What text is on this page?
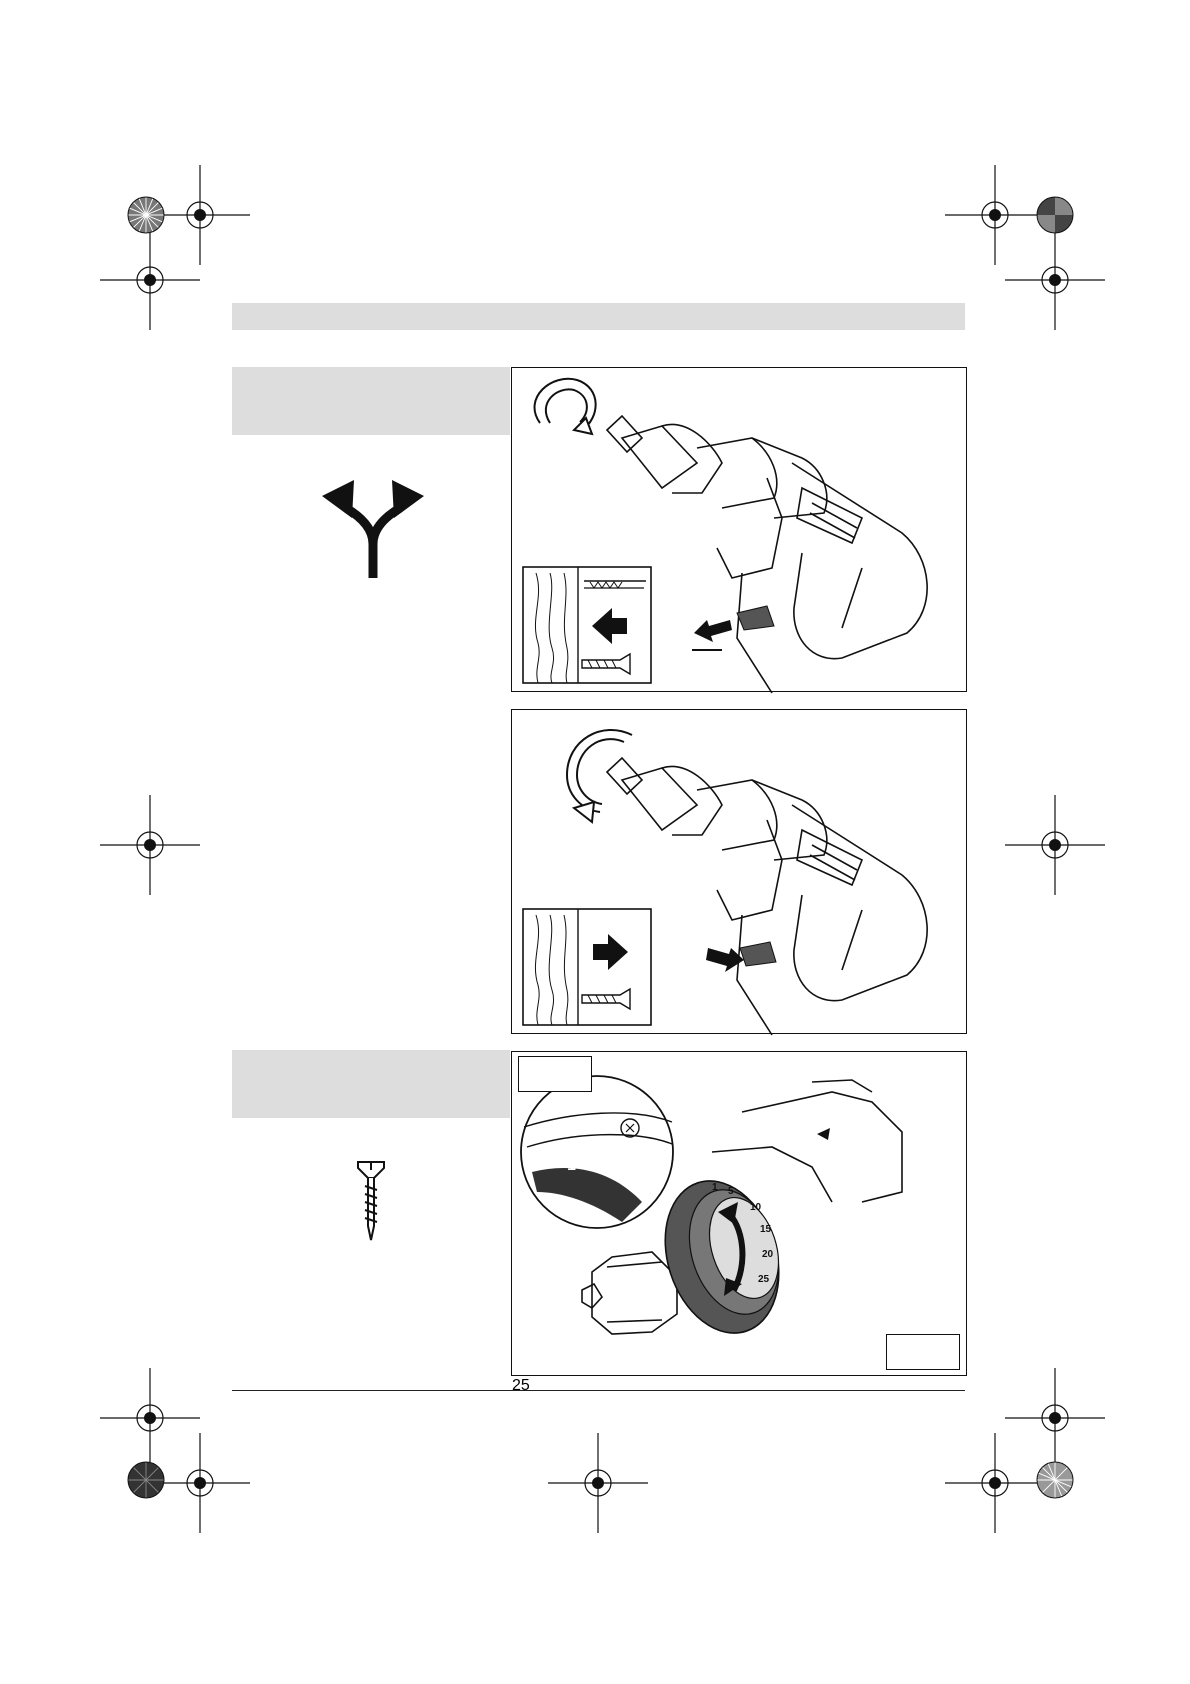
1 5
10
15
20
25
1
25
